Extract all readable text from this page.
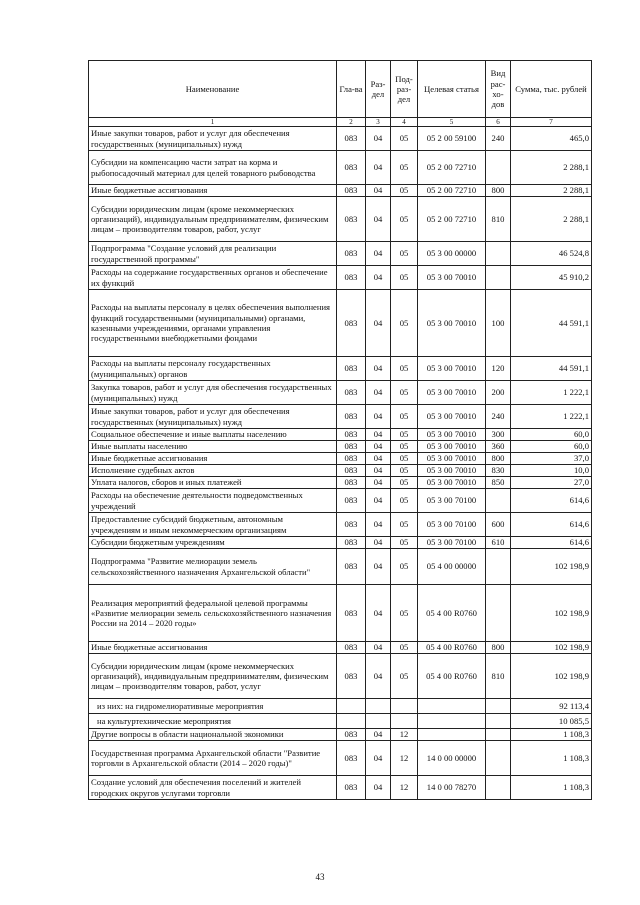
Наименование	Гла-ва	Раз-дел	Под-раз-дел	Целевая статья	Вид рас-хо-дов	Сумма, тыс. рублей
1	2	3	4	5	6	7
Иные закупки товаров, работ и услуг для обеспечения государственных (муниципальных) нужд	083	04	05	05 2 00 59100	240	465,0
Субсидии на компенсацию части затрат на корма и рыбопосадочный материал для целей товарного рыбоводства	083	04	05	05 2 00 72710		2 288,1
Иные бюджетные ассигнования	083	04	05	05 2 00 72710	800	2 288,1
Субсидии юридическим лицам (кроме некоммерческих организаций), индивидуальным предпринимателям, физическим лицам – производителям товаров, работ, услуг	083	04	05	05 2 00 72710	810	2 288,1
Подпрограмма "Создание условий для реализации государственной программы"	083	04	05	05 3 00 00000		46 524,8
Расходы на содержание государственных органов и обеспечение их функций	083	04	05	05 3 00 70010		45 910,2
Расходы на выплаты персоналу в целях обеспечения выполнения функций государственными (муниципальными) органами, казенными учреждениями, органами управления государственными внебюджетными фондами	083	04	05	05 3 00 70010	100	44 591,1
Расходы на выплаты персоналу государственных (муниципальных) органов	083	04	05	05 3 00 70010	120	44 591,1
Закупка товаров, работ и услуг для обеспечения государственных (муниципальных) нужд	083	04	05	05 3 00 70010	200	1 222,1
Иные закупки товаров, работ и услуг для обеспечения государственных (муниципальных) нужд	083	04	05	05 3 00 70010	240	1 222,1
Социальное обеспечение и иные выплаты населению	083	04	05	05 3 00 70010	300	60,0
Иные выплаты населению	083	04	05	05 3 00 70010	360	60,0
Иные бюджетные ассигнования	083	04	05	05 3 00 70010	800	37,0
Исполнение судебных актов	083	04	05	05 3 00 70010	830	10,0
Уплата налогов, сборов и иных платежей	083	04	05	05 3 00 70010	850	27,0
Расходы на обеспечение деятельности подведомственных учреждений	083	04	05	05 3 00 70100		614,6
Предоставление субсидий бюджетным, автономным учреждениям и иным некоммерческим организациям	083	04	05	05 3 00 70100	600	614,6
Субсидии бюджетным учреждениям	083	04	05	05 3 00 70100	610	614,6
Подпрограмма "Развитие мелиорации земель сельскохозяйственного назначения Архангельской области"	083	04	05	05 4 00 00000		102 198,9
Реализация мероприятий федеральной целевой программы «Развитие мелиорации земель сельскохозяйственного назначения России на 2014 – 2020 годы»	083	04	05	05 4 00 R0760		102 198,9
Иные бюджетные ассигнования	083	04	05	05 4 00 R0760	800	102 198,9
Субсидии юридическим лицам (кроме некоммерческих организаций), индивидуальным предпринимателям, физическим лицам – производителям товаров, работ, услуг	083	04	05	05 4 00 R0760	810	102 198,9
из них: на гидромелиоративные мероприятия						92 113,4
на культуртехнические мероприятия						10 085,5
Другие вопросы в области национальной экономики	083	04	12			1 108,3
Государственная программа Архангельской области "Развитие торговли в Архангельской области (2014 – 2020 годы)"	083	04	12	14 0 00 00000		1 108,3
Создание условий для обеспечения поселений и жителей городских округов услугами торговли	083	04	12	14 0 00 78270		1 108,3
43
